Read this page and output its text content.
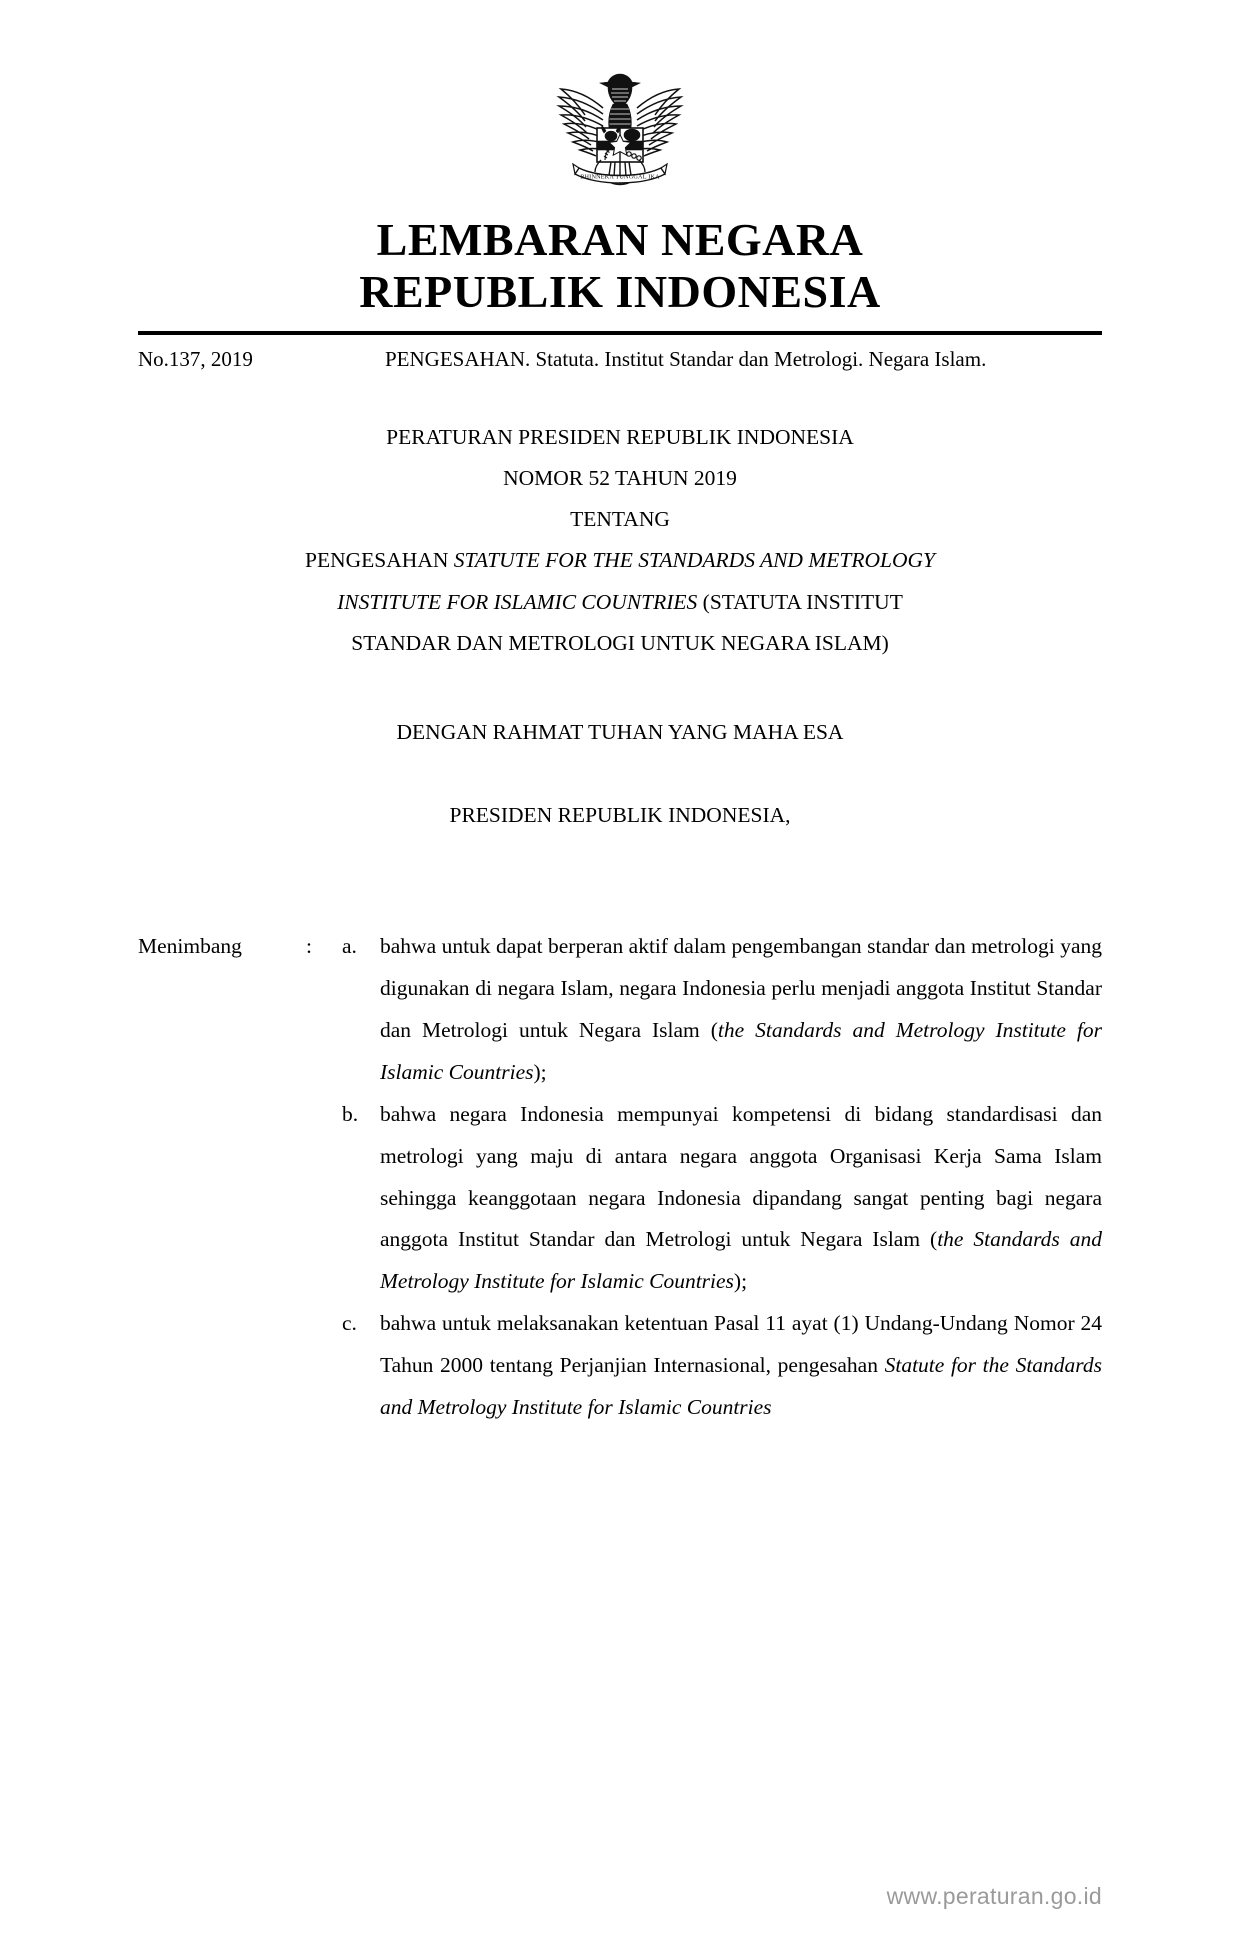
BHINNEKA TUNGGAL IKA
LEMBARAN NEGARA
REPUBLIK INDONESIA
No.137, 2019	PENGESAHAN. Statuta. Institut Standar dan Metrologi. Negara Islam.
PERATURAN PRESIDEN REPUBLIK INDONESIA
NOMOR 52 TAHUN 2019
TENTANG
PENGESAHAN STATUTE FOR THE STANDARDS AND METROLOGY
INSTITUTE FOR ISLAMIC COUNTRIES (STATUTA INSTITUT
STANDAR DAN METROLOGI UNTUK NEGARA ISLAM)
DENGAN RAHMAT TUHAN YANG MAHA ESA
PRESIDEN REPUBLIK INDONESIA,
Menimbang	:	a.	bahwa untuk dapat berperan aktif dalam pengembangan standar dan metrologi yang digunakan di negara Islam, negara Indonesia perlu menjadi anggota Institut Standar dan Metrologi untuk Negara Islam (the Standards and Metrology Institute for Islamic Countries);
b.	bahwa negara Indonesia mempunyai kompetensi di bidang standardisasi dan metrologi yang maju di antara negara anggota Organisasi Kerja Sama Islam sehingga keanggotaan negara Indonesia dipandang sangat penting bagi negara anggota Institut Standar dan Metrologi untuk Negara Islam (the Standards and Metrology Institute for Islamic Countries);
c.	bahwa untuk melaksanakan ketentuan Pasal 11 ayat (1) Undang-Undang Nomor 24 Tahun 2000 tentang Perjanjian Internasional, pengesahan Statute for the Standards and Metrology Institute for Islamic Countries
www.peraturan.go.id
